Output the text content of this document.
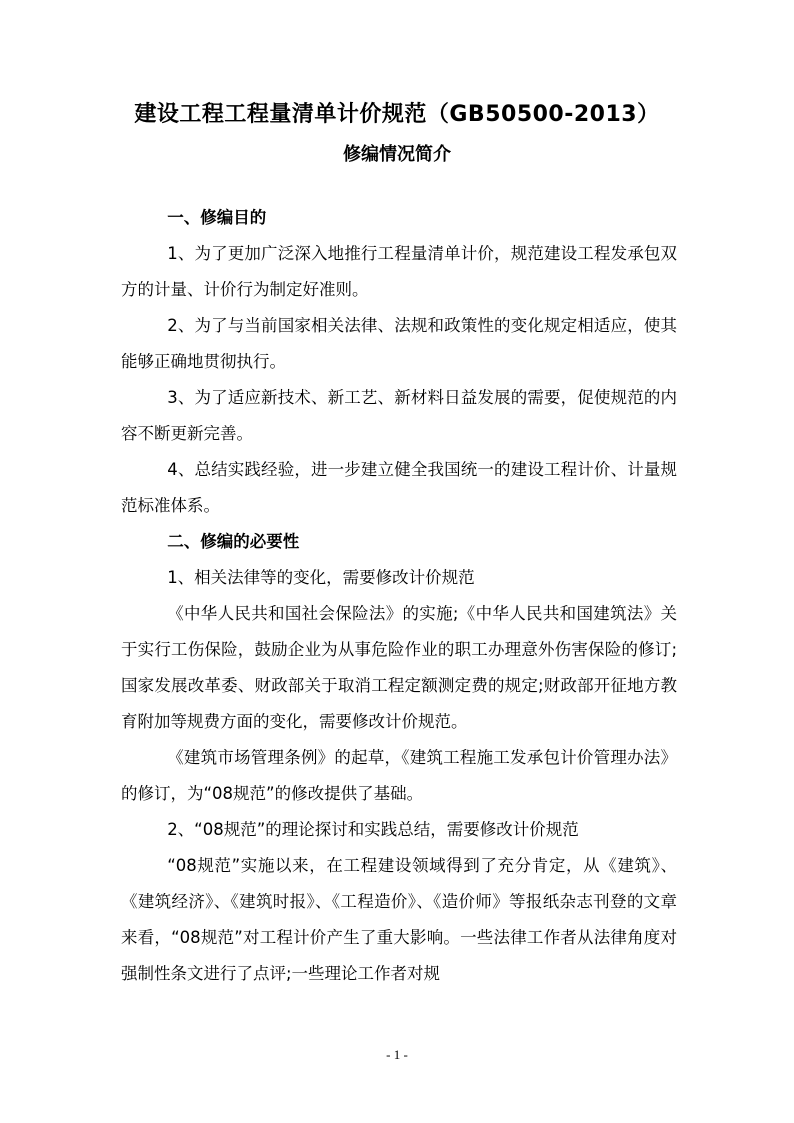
建设工程工程量清单计价规范（GB50500-2013）
修编情况简介

一、修编目的

1、为了更加广泛深入地推行工程量清单计价，规范建设工程发承包双方的计量、计价行为制定好准则。

2、为了与当前国家相关法律、法规和政策性的变化规定相适应，使其能够正确地贯彻执行。

3、为了适应新技术、新工艺、新材料日益发展的需要，促使规范的内容不断更新完善。

4、总结实践经验，进一步建立健全我国统一的建设工程计价、计量规范标准体系。

二、修编的必要性

1、相关法律等的变化，需要修改计价规范

《中华人民共和国社会保险法》的实施;《中华人民共和国建筑法》关于实行工伤保险，鼓励企业为从事危险作业的职工办理意外伤害保险的修订;国家发展改革委、财政部关于取消工程定额测定费的规定;财政部开征地方教育附加等规费方面的变化，需要修改计价规范。

《建筑市场管理条例》的起草，《建筑工程施工发承包计价管理办法》的修订，为“08规范”的修改提供了基础。

2、“08规范”的理论探讨和实践总结，需要修改计价规范

“08规范”实施以来，在工程建设领域得到了充分肯定，从《建筑》、《建筑经济》、《建筑时报》、《工程造价》、《造价师》等报纸杂志刊登的文章来看，“08规范”对工程计价产生了重大影响。一些法律工作者从法律角度对强制性条文进行了点评;一些理论工作者对规

- 1 -
